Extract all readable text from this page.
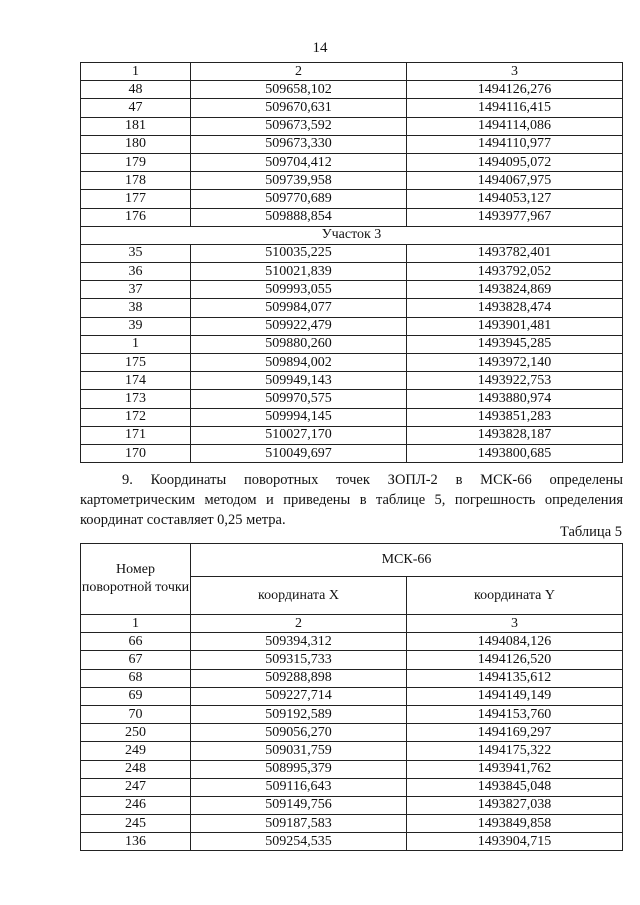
14
1	2	3
48	509658,102	1494126,276
47	509670,631	1494116,415
181	509673,592	1494114,086
180	509673,330	1494110,977
179	509704,412	1494095,072
178	509739,958	1494067,975
177	509770,689	1494053,127
176	509888,854	1493977,967
Участок 3		
35	510035,225	1493782,401
36	510021,839	1493792,052
37	509993,055	1493824,869
38	509984,077	1493828,474
39	509922,479	1493901,481
1	509880,260	1493945,285
175	509894,002	1493972,140
174	509949,143	1493922,753
173	509970,575	1493880,974
172	509994,145	1493851,283
171	510027,170	1493828,187
170	510049,697	1493800,685
9. Координаты поворотных точек ЗОПЛ-2 в МСК-66 определены
картометрическим методом и приведены в таблице 5, погрешность определения координат составляет 0,25 метра.
Таблица 5
Номер поворотной точки	МСК-66	
	координата X	координата Y
1	2	3
66	509394,312	1494084,126
67	509315,733	1494126,520
68	509288,898	1494135,612
69	509227,714	1494149,149
70	509192,589	1494153,760
250	509056,270	1494169,297
249	509031,759	1494175,322
248	508995,379	1493941,762
247	509116,643	1493845,048
246	509149,756	1493827,038
245	509187,583	1493849,858
136	509254,535	1493904,715
